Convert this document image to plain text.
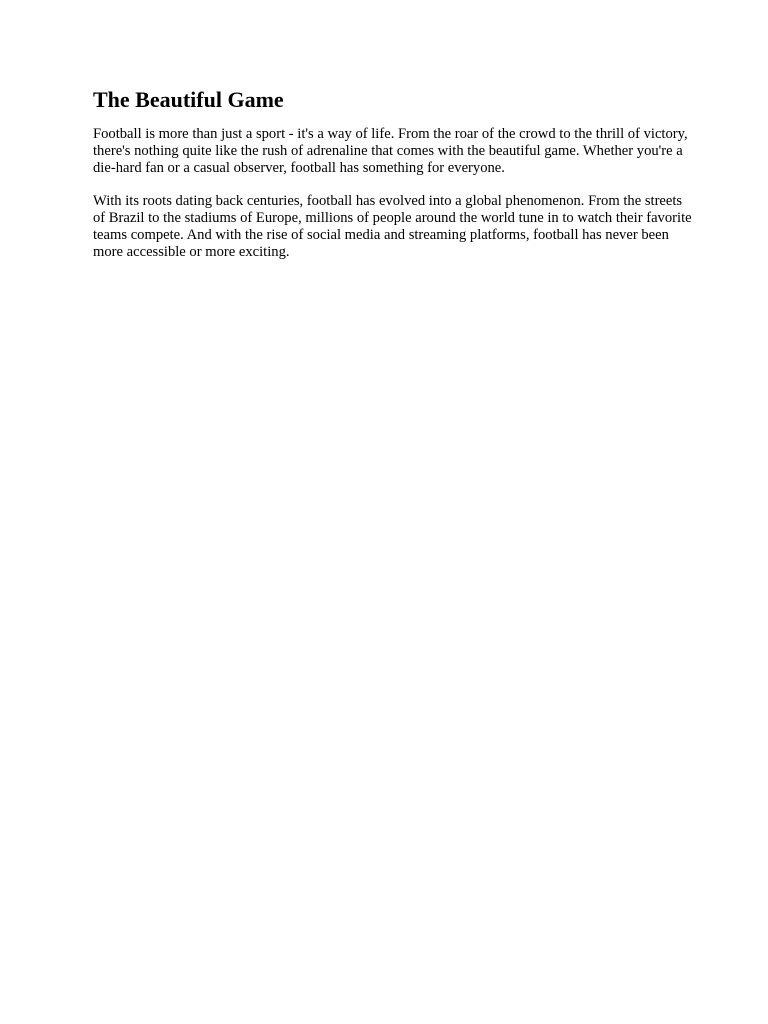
The Beautiful Game

Football is more than just a sport - it's a way of life. From the roar of the crowd to the thrill of victory, there's nothing quite like the rush of adrenaline that comes with the beautiful game. Whether you're a die-hard fan or a casual observer, football has something for everyone.

With its roots dating back centuries, football has evolved into a global phenomenon. From the streets of Brazil to the stadiums of Europe, millions of people around the world tune in to watch their favorite teams compete. And with the rise of social media and streaming platforms, football has never been more accessible or more exciting.
